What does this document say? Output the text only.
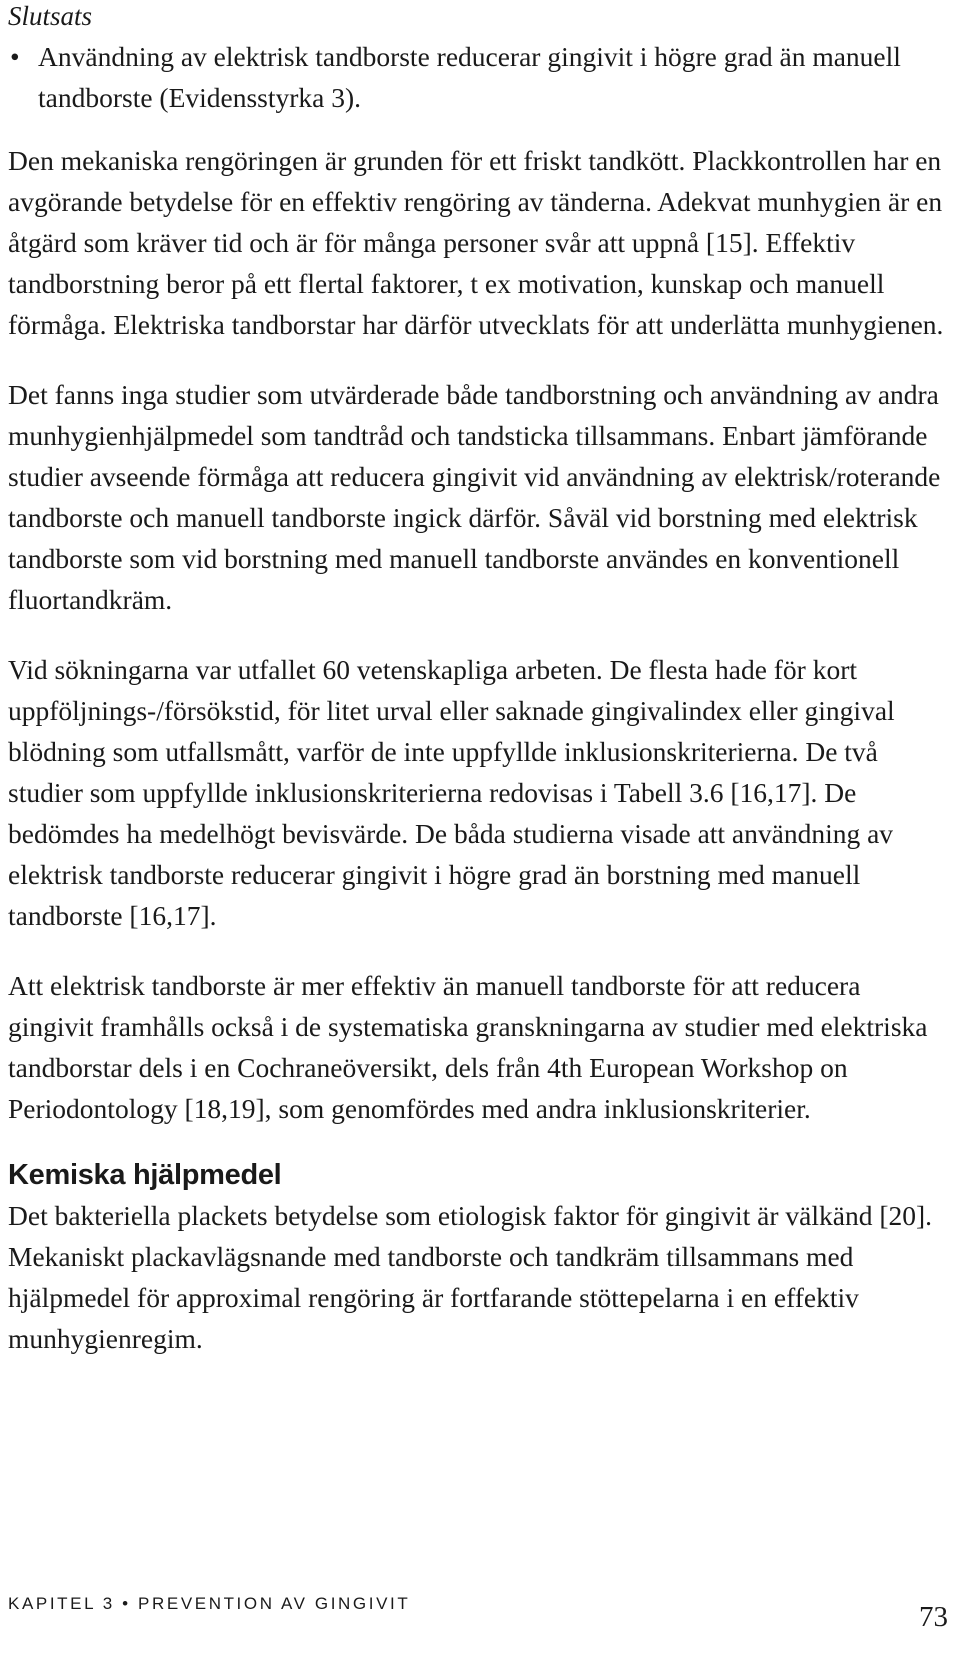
Slutsats
• Användning av elektrisk tandborste reducerar gingivit i högre grad än manuell tandborste (Evidensstyrka 3).

Den mekaniska rengöringen är grunden för ett friskt tandkött. Plackkontrollen har en avgörande betydelse för en effektiv rengöring av tänderna. Adekvat munhygien är en åtgärd som kräver tid och är för många personer svår att uppnå [15]. Effektiv tandborstning beror på ett flertal faktorer, t ex motivation, kunskap och manuell förmåga. Elektriska tandborstar har därför utvecklats för att underlätta munhygienen.

Det fanns inga studier som utvärderade både tandborstning och användning av andra munhygienhjälpmedel som tandtråd och tandsticka tillsammans. Enbart jämförande studier avseende förmåga att reducera gingivit vid användning av elektrisk/roterande tandborste och manuell tandborste ingick därför. Såväl vid borstning med elektrisk tandborste som vid borstning med manuell tandborste användes en konventionell fluortandkräm.

Vid sökningarna var utfallet 60 vetenskapliga arbeten. De flesta hade för kort uppföljnings-/försökstid, för litet urval eller saknade gingivalindex eller gingival blödning som utfallsmått, varför de inte uppfyllde inklusionskriterierna. De två studier som uppfyllde inklusionskriterierna redovisas i Tabell 3.6 [16,17]. De bedömdes ha medelhögt bevisvärde. De båda studierna visade att användning av elektrisk tandborste reducerar gingivit i högre grad än borstning med manuell tandborste [16,17].

Att elektrisk tandborste är mer effektiv än manuell tandborste för att reducera gingivit framhålls också i de systematiska granskningarna av studier med elektriska tandborstar dels i en Cochraneöversikt, dels från 4th European Workshop on Periodontology [18,19], som genomfördes med andra inklusionskriterier.

Kemiska hjälpmedel

Det bakteriella plackets betydelse som etiologisk faktor för gingivit är välkänd [20]. Mekaniskt plackavlägsnande med tandborste och tandkräm tillsammans med hjälpmedel för approximal rengöring är fortfarande stöttepelarna i en effektiv munhygienregim.

KAPITEL 3 • PREVENTION AV GINGIVIT	73
